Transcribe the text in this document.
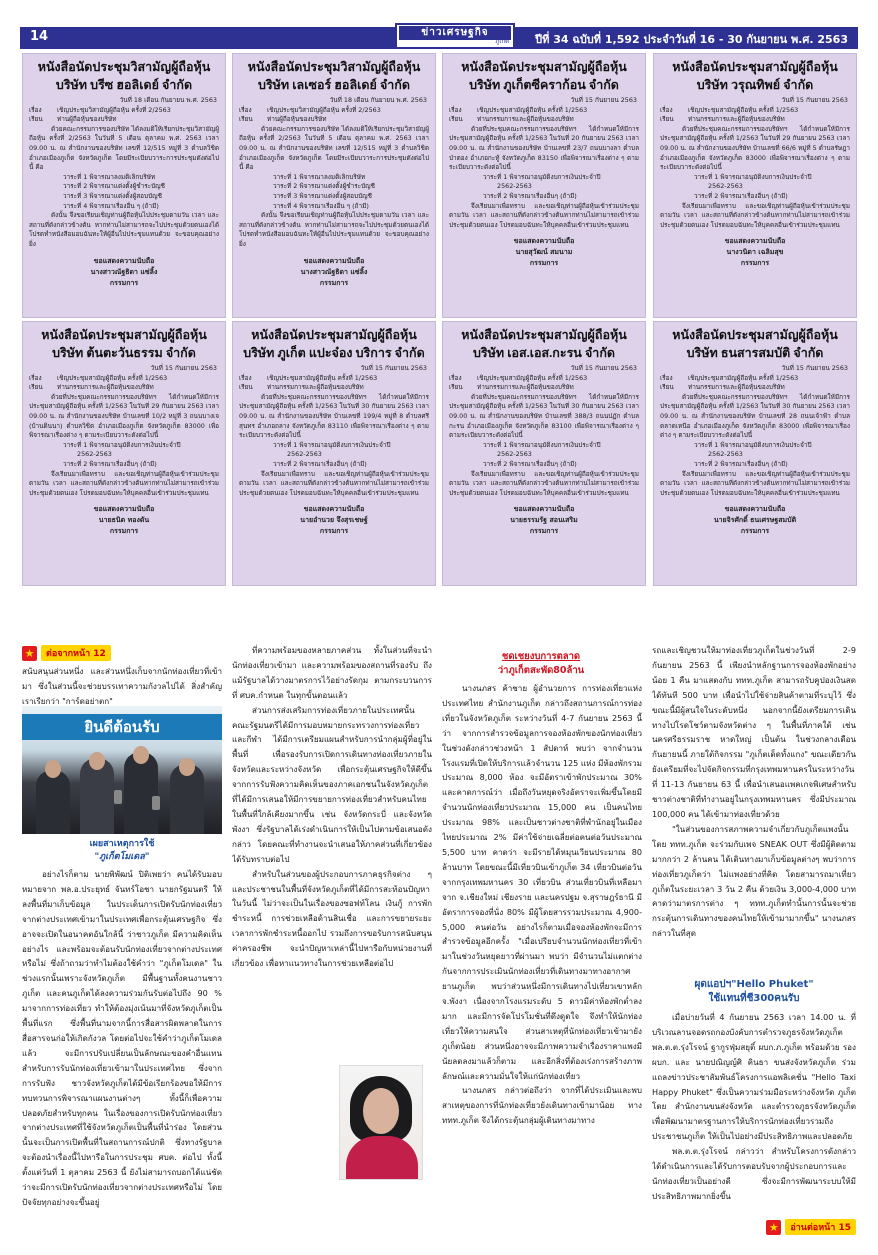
14	ข่าวเศรษฐกิจ
ภูเก็ต ปีที่ 34 ฉบับที่ 1,592 ประจำวันที่ 16 - 30 กันยายน พ.ศ. 2563
หนังสือนัดประชุมวิสามัญผู้ถือหุ้น
บริษัท บรีซ ฮอลิเดย์ จำกัด
วันที่ 18 เดือน กันยายน พ.ศ. 2563
เรื่อง	เชิญประชุมวิสามัญผู้ถือหุ้น ครั้งที่ 2/2563
เรียน	ท่านผู้ถือหุ้นของบริษัท
ด้วยคณะกรรมการของบริษัท ได้ลงมติให้เรียกประชุมวิสามัญผู้ถือหุ้น ครั้งที่ 2/2563 ในวันที่ 5 เดือน ตุลาคม พ.ศ. 2563 เวลา 09.00 น. ณ สำนักงานของบริษัท เลขที่ 12/515 หมู่ที่ 3 ตำบลวิชิต อำเภอเมืองภูเก็ต จังหวัดภูเก็ต โดยมีระเบียบวาระการประชุมดังต่อไปนี้ คือ
วาระที่ 1 พิจารณาลงมติเลิกบริษัท
วาระที่ 2 พิจารณาแต่งตั้งผู้ชำระบัญชี
วาระที่ 3 พิจารณาแต่งตั้งผู้สอบบัญชี
วาระที่ 4 พิจารณาเรื่องอื่น ๆ (ถ้ามี)
ดังนั้น จึงขอเรียนเชิญท่านผู้ถือหุ้นไปประชุมตามวัน เวลา และสถานที่ดังกล่าวข้างต้น หากท่านไม่สามารถจะไปประชุมด้วยตนเองได้ โปรดทำหนังสือมอบฉันทะให้ผู้อื่นไปประชุมแทนด้วย จะขอบคุณอย่างยิ่ง
ขอแสดงความนับถือ
นางสาวณัฐธิดา แซ่ลิ้ง
กรรมการ
หนังสือนัดประชุมวิสามัญผู้ถือหุ้น
บริษัท เลเซอร์ ฮอลิเดย์ จำกัด
วันที่ 18 เดือน กันยายน พ.ศ. 2563
เรื่อง	เชิญประชุมวิสามัญผู้ถือหุ้น ครั้งที่ 2/2563
เรียน	ท่านผู้ถือหุ้นของบริษัท
ด้วยคณะกรรมการของบริษัท ได้ลงมติให้เรียกประชุมวิสามัญผู้ถือหุ้น ครั้งที่ 2/2563 ในวันที่ 5 เดือน ตุลาคม พ.ศ. 2563 เวลา 09.00 น. ณ สำนักงานของบริษัท เลขที่ 12/515 หมู่ที่ 3 ตำบลวิชิต อำเภอเมืองภูเก็ต จังหวัดภูเก็ต โดยมีระเบียบวาระการประชุมดังต่อไปนี้ คือ
วาระที่ 1 พิจารณาลงมติเลิกบริษัท
วาระที่ 2 พิจารณาแต่งตั้งผู้ชำระบัญชี
วาระที่ 3 พิจารณาแต่งตั้งผู้สอบบัญชี
วาระที่ 4 พิจารณาเรื่องอื่น ๆ (ถ้ามี)
ดังนั้น จึงขอเรียนเชิญท่านผู้ถือหุ้นไปประชุมตามวัน เวลา และสถานที่ดังกล่าวข้างต้น หากท่านไม่สามารถจะไปประชุมด้วยตนเองได้ โปรดทำหนังสือมอบฉันทะให้ผู้อื่นไปประชุมแทนด้วย จะขอบคุณอย่างยิ่ง
ขอแสดงความนับถือ
นางสาวณัฐธิดา แซ่ลิ้ง
กรรมการ
หนังสือนัดประชุมสามัญผู้ถือหุ้น
บริษัท ภูเก็ตซีคราก้อน จำกัด
วันที่ 15 กันยายน 2563
เรื่อง	เชิญประชุมสามัญผู้ถือหุ้น ครั้งที่ 1/2563
เรียน	ท่านกรรมการและผู้ถือหุ้นของบริษัท
ด้วยที่ประชุมคณะกรรมการของบริษัทฯ ได้กำหนดให้มีการประชุมสามัญผู้ถือหุ้น ครั้งที่ 1/2563 ในวันที่ 20 กันยายน 2563 เวลา 09.00 น. ณ สำนักงานของบริษัท บ้านเลขที่ 23/7 ถนนบางลา ตำบลป่าตอง อำเภอกะทู้ จังหวัดภูเก็ต 83150 เพื่อพิจารณาเรื่องต่าง ๆ ตามระเบียบวาระดังต่อไปนี้
วาระที่ 1 พิจารณาอนุมัติงบการเงินประจำปี
2562-2563
วาระที่ 2 พิจารณาเรื่องอื่นๆ (ถ้ามี)
จึงเรียนมาเพื่อทราบ และขอเชิญท่านผู้ถือหุ้นเข้าร่วมประชุมตามวัน เวลา และสถานที่ดังกล่าวข้างต้นหากท่านไม่สามารถเข้าร่วมประชุมด้วยตนเอง โปรดมอบฉันทะให้บุคคลอื่นเข้าร่วมประชุมแทน
ขอแสดงความนับถือ
นายสุวัฒน์ สมนาม
กรรมการ
หนังสือนัดประชุมสามัญผู้ถือหุ้น
บริษัท วรุณทิพย์ จำกัด
วันที่ 15 กันยายน 2563
เรื่อง	เชิญประชุมสามัญผู้ถือหุ้น ครั้งที่ 1/2563
เรียน	ท่านกรรมการและผู้ถือหุ้นของบริษัท
ด้วยที่ประชุมคณะกรรมการของบริษัทฯ ได้กำหนดให้มีการประชุมสามัญผู้ถือหุ้น ครั้งที่ 1/2563 ในวันที่ 29 กันยายน 2563 เวลา 09.00 น. ณ สำนักงานของบริษัท บ้านเลขที่ 66/6 หมู่ที่ 5 ตำบลรัษฎา อำเภอเมืองภูเก็ต จังหวัดภูเก็ต 83000 เพื่อพิจารณาเรื่องต่าง ๆ ตามระเบียบวาระดังต่อไปนี้
วาระที่ 1 พิจารณาอนุมัติงบการเงินประจำปี
2562-2563
วาระที่ 2 พิจารณาเรื่องอื่นๆ (ถ้ามี)
จึงเรียนมาเพื่อทราบ และขอเชิญท่านผู้ถือหุ้นเข้าร่วมประชุมตามวัน เวลา และสถานที่ดังกล่าวข้างต้นหากท่านไม่สามารถเข้าร่วมประชุมด้วยตนเอง โปรดมอบฉันทะให้บุคคลอื่นเข้าร่วมประชุมแทน
ขอแสดงความนับถือ
นางวนิดา เฉลิมสุข
กรรมการ
หนังสือนัดประชุมสามัญผู้ถือหุ้น
บริษัท ต้นตะวันธรรม จำกัด
วันที่ 15 กันยายน 2563
เรื่อง	เชิญประชุมสามัญผู้ถือหุ้น ครั้งที่ 1/2563
เรียน	ท่านกรรมการและผู้ถือหุ้นของบริษัท
ด้วยที่ประชุมคณะกรรมการของบริษัทฯ ได้กำหนดให้มีการประชุมสามัญผู้ถือหุ้น ครั้งที่ 1/2563 ในวันที่ 29 กันยายน 2563 เวลา 09.00 น. ณ สำนักงานของบริษัท บ้านเลขที่ 10/2 หมู่ที่ 3 ถนนบางเจ (บ้านดินนา) ตำบลวิชิต อำเภอเมืองภูเก็ต จังหวัดภูเก็ต 83000 เพื่อพิจารณาเรื่องต่าง ๆ ตามระเบียบวาระดังต่อไปนี้
วาระที่ 1 พิจารณาอนุมัติงบการเงินประจำปี
2562-2563
วาระที่ 2 พิจารณาเรื่องอื่นๆ (ถ้ามี)
จึงเรียนมาเพื่อทราบ และขอเชิญท่านผู้ถือหุ้นเข้าร่วมประชุมตามวัน เวลา และสถานที่ดังกล่าวข้างต้นหากท่านไม่สามารถเข้าร่วมประชุมด้วยตนเอง โปรดมอบฉันทะให้บุคคลอื่นเข้าร่วมประชุมแทน
ขอแสดงความนับถือ
นายธนิต ทองดัน
กรรมการ
หนังสือนัดประชุมสามัญผู้ถือหุ้น
บริษัท ภูเก็ต แปะจ๋อง บริการ จำกัด
วันที่ 15 กันยายน 2563
เรื่อง	เชิญประชุมสามัญผู้ถือหุ้น ครั้งที่ 1/2563
เรียน	ท่านกรรมการและผู้ถือหุ้นของบริษัท
ด้วยที่ประชุมคณะกรรมการของบริษัทฯ ได้กำหนดให้มีการประชุมสามัญผู้ถือหุ้น ครั้งที่ 1/2563 ในวันที่ 30 กันยายน 2563 เวลา 09.00 น. ณ สำนักงานของบริษัท บ้านเลขที่ 199/4 หมู่ที่ 8 ตำบลศรีสุนทร อำเภอถลาง จังหวัดภูเก็ต 83110 เพื่อพิจารณาเรื่องต่าง ๆ ตามระเบียบวาระดังต่อไปนี้
วาระที่ 1 พิจารณาอนุมัติงบการเงินประจำปี
2562-2563
วาระที่ 2 พิจารณาเรื่องอื่นๆ (ถ้ามี)
จึงเรียนมาเพื่อทราบ และขอเชิญท่านผู้ถือหุ้นเข้าร่วมประชุมตามวัน เวลา และสถานที่ดังกล่าวข้างต้นหากท่านไม่สามารถเข้าร่วมประชุมด้วยตนเอง โปรดมอบฉันทะให้บุคคลอื่นเข้าร่วมประชุมแทน
ขอแสดงความนับถือ
นายอำนวย จึงสุรเชษฐ์
กรรมการ
หนังสือนัดประชุมสามัญผู้ถือหุ้น
บริษัท เอส.เอส.กะรน จำกัด
วันที่ 15 กันยายน 2563
เรื่อง	เชิญประชุมสามัญผู้ถือหุ้น ครั้งที่ 1/2563
เรียน	ท่านกรรมการและผู้ถือหุ้นของบริษัท
ด้วยที่ประชุมคณะกรรมการของบริษัทฯ ได้กำหนดให้มีการประชุมสามัญผู้ถือหุ้น ครั้งที่ 1/2563 ในวันที่ 30 กันยายน 2563 เวลา 09.00 น. ณ สำนักงานของบริษัท บ้านเลขที่ 388/3 ถนนปฏัก ตำบลกะรน อำเภอเมืองภูเก็ต จังหวัดภูเก็ต 83100 เพื่อพิจารณาเรื่องต่าง ๆ ตามระเบียบวาระดังต่อไปนี้
วาระที่ 1 พิจารณาอนุมัติงบการเงินประจำปี
2562-2563
วาระที่ 2 พิจารณาเรื่องอื่นๆ (ถ้ามี)
จึงเรียนมาเพื่อทราบ และขอเชิญท่านผู้ถือหุ้นเข้าร่วมประชุมตามวัน เวลา และสถานที่ดังกล่าวข้างต้นหากท่านไม่สามารถเข้าร่วมประชุมด้วยตนเอง โปรดมอบฉันทะให้บุคคลอื่นเข้าร่วมประชุมแทน
ขอแสดงความนับถือ
นายธรรมรัฐ สอนเสริม
กรรมการ
หนังสือนัดประชุมสามัญผู้ถือหุ้น
บริษัท ธนสารสมบัติ จำกัด
วันที่ 15 กันยายน 2563
เรื่อง	เชิญประชุมสามัญผู้ถือหุ้น ครั้งที่ 1/2563
เรียน	ท่านกรรมการและผู้ถือหุ้นของบริษัท
ด้วยที่ประชุมคณะกรรมการของบริษัทฯ ได้กำหนดให้มีการประชุมสามัญผู้ถือหุ้น ครั้งที่ 1/2563 ในวันที่ 30 กันยายน 2563 เวลา 09.00 น. ณ สำนักงานของบริษัท บ้านเลขที่ 28 ถนนเจ้าฟ้า ตำบลตลาดเหนือ อำเภอเมืองภูเก็ต จังหวัดภูเก็ต 83000 เพื่อพิจารณาเรื่องต่าง ๆ ตามระเบียบวาระดังต่อไปนี้
วาระที่ 1 พิจารณาอนุมัติงบการเงินประจำปี
2562-2563
วาระที่ 2 พิจารณาเรื่องอื่นๆ (ถ้ามี)
จึงเรียนมาเพื่อทราบ และขอเชิญท่านผู้ถือหุ้นเข้าร่วมประชุมตามวัน เวลา และสถานที่ดังกล่าวข้างต้นหากท่านไม่สามารถเข้าร่วมประชุมด้วยตนเอง โปรดมอบฉันทะให้บุคคลอื่นเข้าร่วมประชุมแทน
ขอแสดงความนับถือ
นายจิรศักดิ์ ธนเศรษฐสมบัติ
กรรมการ
★	ต่อจากหน้า 12

สนับสนุนส่วนหนึ่ง และส่วนหนึ่งเก็บจากนักท่องเที่ยวที่เข้ามา ซึ่งในส่วนนี้จะช่วยบรรเทาความกังวลไปได้ สิ่งสำคัญเราเรียกว่า "การ์ดอย่าตก"

ยินดีต้อนรับ
เผยสาเหตุการใช้
"ภูเก็ตโมเดล"

อย่างไรก็ตาม นายพิพัฒน์ ปิติเพยว่า คนได้รับมอบหมายจาก พล.อ.ประยุทธ์ จันทร์โอชา นายกรัฐมนตรี ให้ลงพื้นที่มาเก็บข้อมูล ในประเด็นการเปิดรับนักท่องเที่ยวจากต่างประเทศเข้ามาในประเทศเพื่อกระตุ้นเศรษฐกิจ ซึ่งอาจจะเปิดในอนาคตอันใกล้นี้ ว่าชาวภูเก็ต มีความคิดเห็นอย่างไร และพร้อมจะต้อนรับนักท่องเที่ยวจากต่างประเทศหรือไม่ ซึ่งถ้าถามว่าทำไมต้องใช้คำว่า "ภูเก็ตโมเดล" ในช่วงแรกนั้นเพราะจังหวัดภูเก็ต มีพื้นฐานทั้งคนงานชาวภูเก็ต และคนภูเก็ตได้ลงความร่วมกันรับต่อไปถึง 90 % มาจากการท่องเที่ยว ทำให้ต้องมุ่งเน้นมาที่จังหวัดภูเก็ตเป็นพื้นที่แรก ซึ่งพื้นที่นามจากนี้การสื่อสารผิดพลาดในการสื่อสารจนก่อให้เกิดกังวล โดยต่อไปจะใช้คำว่าภูเก็ตโมเดลแล้ว จะมีการปรับเปลี่ยนเป็นลักษณะของคำอื่นแทน สำหรับการรับนักท่องเที่ยวเข้ามาในประเทศไทย ซึ่งจากการรับฟัง ชาวจังหวัดภูเก็ตได้มีข้อเรียกร้องขอให้มีการทบทวนการพิจารณาแผนงานต่างๆ ทั้งนี้ก็เพื่อความปลอดภัยสำหรับทุกคน ในเรื่องของการเปิดรับนักท่องเที่ยวจากต่างประเทศที่ใช้จังหวัดภูเก็ตเป็นพื้นที่นำร่อง โดยส่วนนั้นจะเป็นการเปิดพื้นที่ในสถานการณ์ปกติ ซึ่งทางรัฐบาลจะต้องนำเรื่องนี้ไปหารือในการประชุม ศบค. ต่อไป ทั้งนี้ตั้งแต่วันที่ 1 ตุลาคม 2563 นี้ ยังไม่สามารถบอกได้แน่ชัดว่าจะมีการเปิดรับนักท่องเที่ยวจากต่างประเทศหรือไม่ โดยปัจจัยทุกอย่างจะขึ้นอยู่

ที่ความพร้อมของหลายภาคส่วน ทั้งในส่วนที่จะนำนักท่องเที่ยวเข้ามา และความพร้อมของสถานที่รองรับ ถึงแม้รัฐบาลได้วางมาตรการไว้อย่างรัดกุม ตามกระบวนการที่ ศบค.กำหนด ในทุกขั้นตอนแล้ว

ส่วนการส่งเสริมการท่องเที่ยวภายในประเทศนั้น คณะรัฐมนตรีได้มีการมอบหมายกระทรวงการท่องเที่ยวและกีฬา ได้มีการเตรียมแผนสำหรับการนำกลุ่มผู้ที่อยู่ในพื้นที่ เพื่อรองรับการเปิดการเดินทางท่องเที่ยวภายในจังหวัดและระหว่างจังหวัด เพื่อกระตุ้นเศรษฐกิจให้ดีขึ้น จากการรับฟังความคิดเห็นของภาคเอกชนในจังหวัดภูเก็ต ที่ได้มีการเสนอให้มีการขยายการท่องเที่ยวสำหรับคนไทยในพื้นที่ใกล้เคียงมากขึ้น เช่น จังหวัดกระบี่ และจังหวัดพังงา ซึ่งรัฐบาลได้เร่งดำเนินการให้เป็นไปตามข้อเสนอดังกล่าว โดยคณะที่ทำงานจะนำเสนอให้ภาคส่วนที่เกี่ยวข้องได้รับทราบต่อไป

สำหรับในส่วนของผู้ประกอบการภาคธุรกิจต่าง ๆ และประชาชนในพื้นที่จังหวัดภูเก็ตที่ได้มีการสะท้อนปัญหาในวันนี้ ไม่ว่าจะเป็นในเรื่องของซอฟท์โลน เงินกู้ การพักชำระหนี้ การช่วยเหลือด้านสินเชื่อ และการขยายระยะเวลาการพักชำระหนี้ออกไป รวมถึงการขอรับการสนับสนุนค่าครองชีพ จะนำปัญหาเหล่านี้ไปหารือกับหน่วยงานที่เกี่ยวข้อง เพื่อหาแนวทางในการช่วยเหลือต่อไป

ชดเชยงบการตลาด
ว่าภูเก็ตสะพัด80ล้าน

นางนภสร ค้าชาย ผู้อำนวยการ การท่องเที่ยวแห่งประเทศไทย สำนักงานภูเก็ต กล่าวถึงสถานการณ์การท่องเที่ยวในจังหวัดภูเก็ต ระหว่างวันที่ 4-7 กันยายน 2563 นี้ ว่า จากการสำรวจข้อมูลการจองห้องพักของนักท่องเที่ยวในช่วงดังกล่าวช่วงหน้า 1 สัปดาห์ พบว่า จากจำนวนโรงแรมที่เปิดให้บริการแล้วจำนวน 125 แห่ง มีห้องพักรวมประมาณ 8,000 ห้อง จะมีอัตราเข้าพักประมาณ 30% และคาดการณ์ว่า เมื่อถึงวันหยุดจริงอัตราจะเพิ่มขึ้นโดยมีจำนวนนักท่องเที่ยวประมาณ 15,000 คน เป็นคนไทยประมาณ 98% และเป็นชาวต่างชาติที่พำนักอยู่ในเมืองไทยประมาณ 2% มีค่าใช้จ่ายเฉลี่ยต่อคนต่อวันประมาณ 5,500 บาท คาดว่า จะมีรายได้หมุนเวียนประมาณ 80 ล้านบาท โดยขณะนี้มีเที่ยวบินเข้าภูเก็ต 34 เที่ยวบินต่อวัน จากกรุงเทพมหานคร 30 เที่ยวบิน ส่วนเที่ยวบินที่เหลือมาจาก จ.เชียงใหม่ เชียงราย และนครปฐม จ.สุราษฎร์ธานี มีอัตราการจองที่นั่ง 80% มีผู้โดยสารรวมประมาณ 4,900-5,000 คนต่อวัน อย่างไรก็ตามเมื่อจองห้องพักจะมีการสำรวจข้อมูลอีกครั้ง "เมื่อเปรียบจำนวนนักท่องเที่ยวที่เข้ามาในช่วงวันหยุดยาวที่ผ่านมา พบว่า มีจำนวนไม่แตกต่างกันจากการประเมินนักท่องเที่ยวที่เดินทางมาทางอากาศ ยานภูเก็ต พบว่าส่วนหนึ่งมีการเดินทางไปเที่ยวเขาหลัก จ.พังงา เนื่องจากโรงแรมระดับ 5 ดาวมีค่าห้องพักต่ำลงมาก และมีการจัดโปรโมชั่นที่ดึงดูดใจ จึงทำให้นักท่องเที่ยวให้ความสนใจ ส่วนสาเหตุที่นักท่องเที่ยวเข้ามายังภูเก็ตน้อย ส่วนหนึ่งอาจจะมีภาพความจำเรื่องราคาแพงมีนัยลดลงมาแล้วก็ตาม และอีกสิ่งที่ต้องเร่งการสร้างภาพลักษณ์และความมั่นใจให้แก่นักท่องเที่ยว

นางนภสร กล่าวต่อถึงว่า จากที่ได้ประเมินและพบสาเหตุของการที่นักท่องเที่ยวยังเดินทางเข้ามาน้อย ทาง ททท.ภูเก็ต จึงได้กระตุ้นกลุ่มผู้เดินทางมาทาง

รถและเชิญชวนให้มาท่องเที่ยวภูเก็ตในช่วงวันที่ 2-9 กันยายน 2563 นี้ เพียงนำหลักฐานการจองห้องพักอย่างน้อย 1 คืน มาแสดงกับ ททท.ภูเก็ต สามารถรับคูปองเงินสดได้ทันที 500 บาท เพื่อนำไปใช้จ่ายสินค้าตามที่ระบุไว้ ซึ่งขณะนี้มีผู้สนใจในระดับหนึ่ง นอกจากนี้ยังเตรียมการเดินทางไปโรดโชว์ตามจังหวัดต่าง ๆ ในพื้นที่ภาคใต้ เช่น นครศรีธรรมราช หาดใหญ่ เป็นต้น ในช่วงกลางเดือนกันยายนนี้ ภายใต้กิจกรรม "ภูเก็ตเด็ดทั้งแกง" ขณะเดียวกันยังเตรียมที่จะไปจัดกิจกรรมที่กรุงเทพมหานครในระหว่างวันที่ 11-13 กันยายน 63 นี้ เพื่อนำเสนอแพคเกจพิเศษสำหรับชาวต่างชาติที่ทำงานอยู่ในกรุงเทพมหานคร ซึ่งมีประมาณ 100,000 คน ได้เข้ามาท่องเที่ยวด้วย

"ในส่วนของการสภาพความจำเกี่ยวกับภูเก็ตแพงนั้น โดย ททท.ภูเก็ต จะร่วมกับเพจ SNEAK OUT ซึ่งมีผู้ติดตามมากกว่า 2 ล้านคน ได้เดินทางมาเก็บข้อมูลต่างๆ พบว่าการท่องเที่ยวภูเก็ตว่า ไม่แพงอย่างที่คิด โดยสามารถมาเที่ยวภูเก็ตในระยะเวลา 3 วัน 2 คืน ด้วยเงิน 3,000-4,000 บาท คาดว่ามาตรการต่าง ๆ ททท.ภูเก็ตทำนั้นการนั้นจะช่วยกระตุ้นการเดินทางของคนไทยให้เข้ามามากขึ้น" นางนภสร กล่าวในที่สุด

ผุดแอปฯ"Hello Phuket"
ใช้แทนที่ชี300คนรับ

เมื่อบ่ายวันที่ 4 กันยายน 2563 เวลา 14.00 น. ที่บริเวณลานจอดรถกองบังคับการตำรวจภูธรจังหวัดภูเก็ต พล.ต.ต.รุ่งโรจน์ ฐากูรฟุ่มสยุติ์ ผบก.ภ.ภูเก็ต พร้อมด้วย รองผบก. และ นายปณิญญ์ศิ คินธา ขนส่งจังหวัดภูเก็ต ร่วมแถลงข่าวประชาสัมพันธ์โครงการแอพลิเคชั่น "Hello Taxi Happy Phuket" ซึ่งเป็นความร่วมมือระหว่างจังหวัด ภูเก็ต โดย สำนักงานขนส่งจังหวัด และตำรวจภูธรจังหวัดภูเก็ต เพื่อพัฒนามาตรฐานการให้บริการนักท่องเที่ยวรวมถึงประชาชนภูเก็ต ให้เป็นไปอย่างมีประสิทธิภาพและปลอดภัย

พล.ต.ต.รุ่งโรจน์ กล่าวว่า สำหรับโครงการดังกล่าว ได้ดำเนินการและได้รับการตอบรับจากผู้ประกอบการและนักท่องเที่ยวเป็นอย่างดี ซึ่งจะมีการพัฒนาระบบให้มีประสิทธิภาพมากยิ่งขึ้น

★	อ่านต่อหน้า 15
